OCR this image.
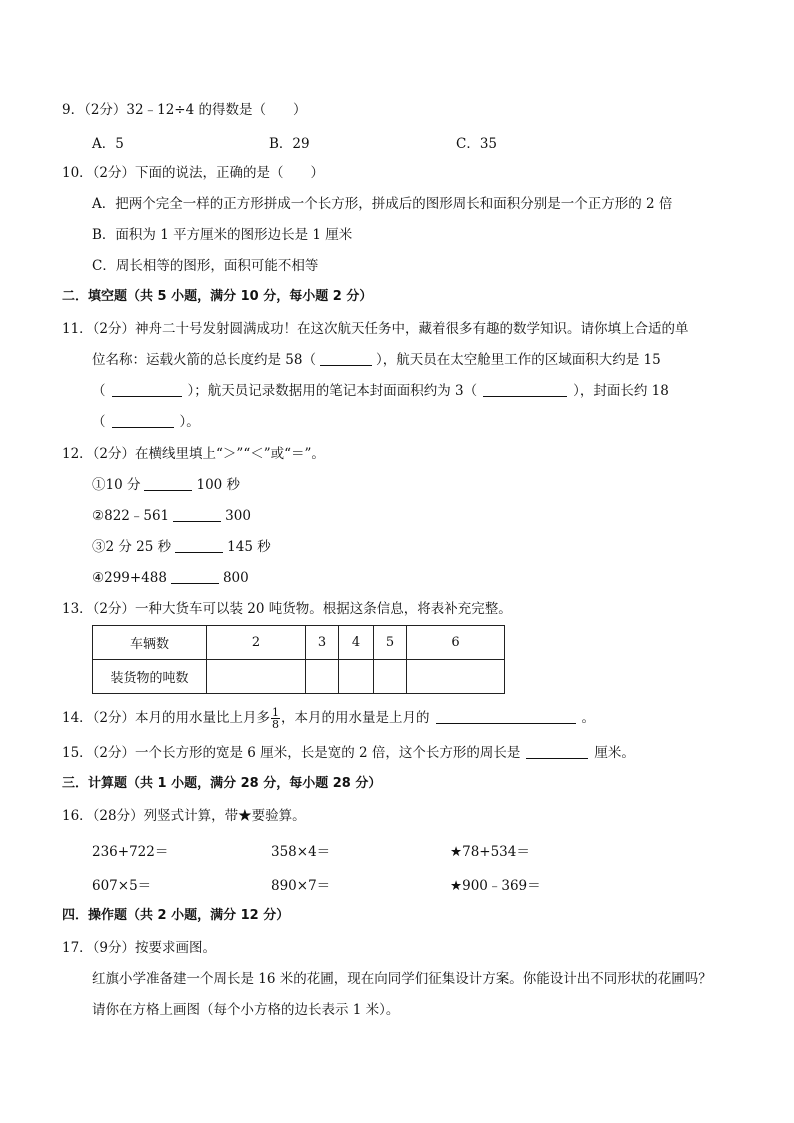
9．（2分）32﹣12÷4 的得数是（　　）
A．5	B．29	C．35
10．（2分）下面的说法，正确的是（　　）
A．把两个完全一样的正方形拼成一个长方形，拼成后的图形周长和面积分别是一个正方形的 2 倍
B．面积为 1 平方厘米的图形边长是 1 厘米
C．周长相等的图形，面积可能不相等
二．填空题（共 5 小题，满分 10 分，每小题 2 分）
11．（2分）神舟二十号发射圆满成功！在这次航天任务中，藏着很多有趣的数学知识。请你填上合适的单
位名称：运载火箭的总长度约是 58（	），航天员在太空舱里工作的区域面积大约是 15
（	）；航天员记录数据用的笔记本封面面积约为 3（	），封面长约 18
（	）。
12．（2分）在横线里填上“＞”“＜”或“＝”。
①10 分	100 秒
②822﹣561	300
③2 分 25 秒	145 秒
④299+488	800
13．（2分）一种大货车可以装 20 吨货物。根据这条信息，将表补充完整。
车辆数	2	3	4	5	6
装货物的吨数					
14．（2分）本月的用水量比上月多 $\frac{1}{8}$ ，本月的用水量是上月的	。
15．（2分）一个长方形的宽是 6 厘米，长是宽的 2 倍，这个长方形的周长是	厘米。
三．计算题（共 1 小题，满分 28 分，每小题 28 分）
16．（28分）列竖式计算，带★要验算。
236+722＝	358×4＝	★78+534＝
607×5＝	890×7＝	★900﹣369＝
四．操作题（共 2 小题，满分 12 分）
17．（9分）按要求画图。
红旗小学准备建一个周长是 16 米的花圃，现在向同学们征集设计方案。你能设计出不同形状的花圃吗？
请你在方格上画图（每个小方格的边长表示 1 米）。
